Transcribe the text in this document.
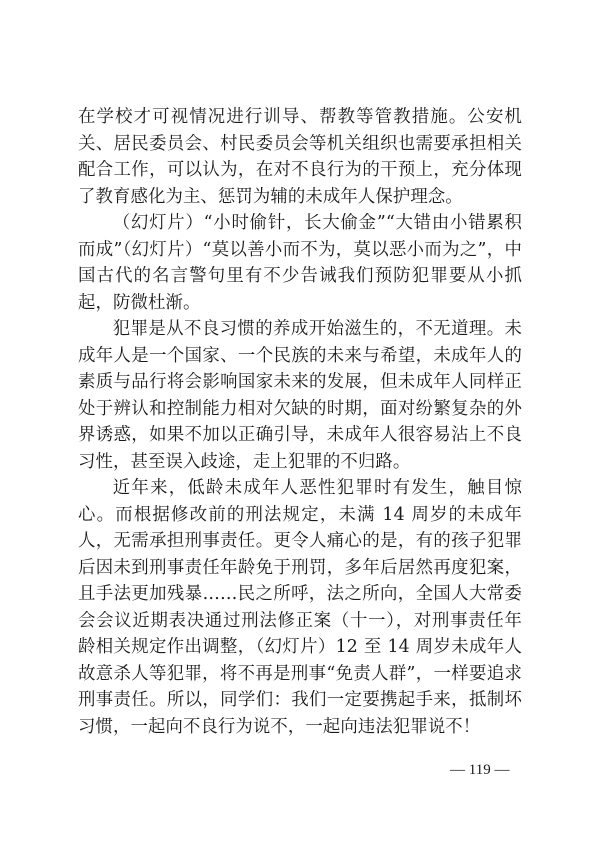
在学校才可视情况进行训导、帮教等管教措施。公安机关、居民委员会、村民委员会等机关组织也需要承担相关配合工作，可以认为，在对不良行为的干预上，充分体现了教育感化为主、惩罚为辅的未成年人保护理念。

（幻灯片）“小时偷针，长大偷金”“大错由小错累积而成”（幻灯片）“莫以善小而不为，莫以恶小而为之”，中国古代的名言警句里有不少告诫我们预防犯罪要从小抓起，防微杜渐。

犯罪是从不良习惯的养成开始滋生的，不无道理。未成年人是一个国家、一个民族的未来与希望，未成年人的素质与品行将会影响国家未来的发展，但未成年人同样正处于辨认和控制能力相对欠缺的时期，面对纷繁复杂的外界诱惑，如果不加以正确引导，未成年人很容易沾上不良习性，甚至误入歧途，走上犯罪的不归路。

近年来，低龄未成年人恶性犯罪时有发生，触目惊心。而根据修改前的刑法规定，未满 14 周岁的未成年人，无需承担刑事责任。更令人痛心的是，有的孩子犯罪后因未到刑事责任年龄免于刑罚，多年后居然再度犯案，且手法更加残暴……民之所呼，法之所向，全国人大常委会会议近期表决通过刑法修正案（十一），对刑事责任年龄相关规定作出调整，（幻灯片）12 至 14 周岁未成年人故意杀人等犯罪，将不再是刑事“免责人群”，一样要追求刑事责任。所以，同学们：我们一定要携起手来，抵制坏习惯，一起向不良行为说不，一起向违法犯罪说不！

— 119 —
